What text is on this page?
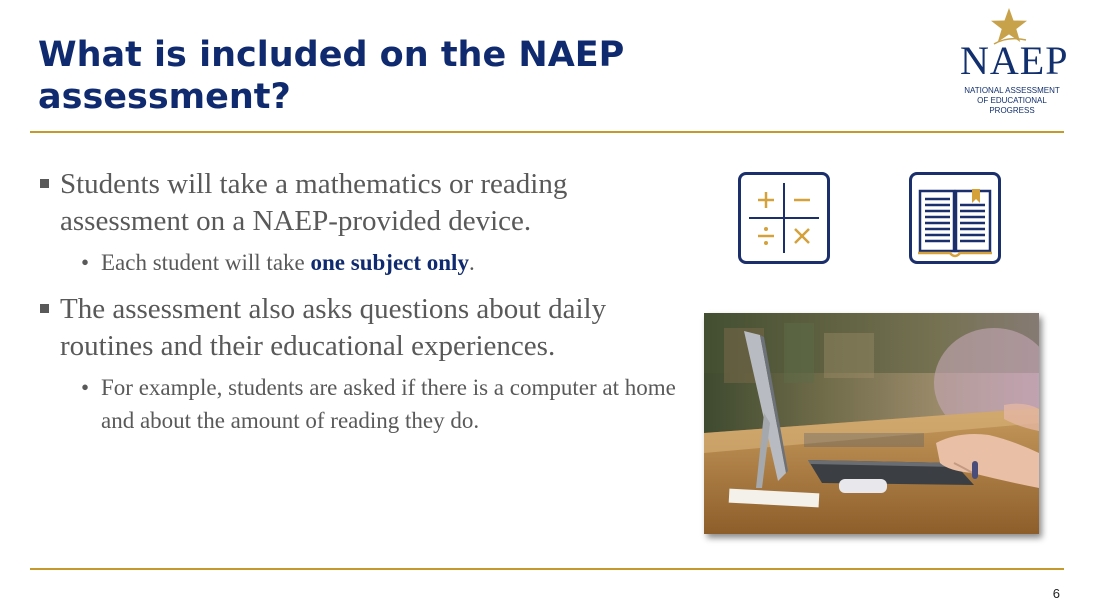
What is included on the NAEP assessment?
NAEP
NATIONAL ASSESSMENT
OF EDUCATIONAL
PROGRESS
Students will take a mathematics or reading assessment on a NAEP-provided device.
• Each student will take one subject only.
The assessment also asks questions about daily routines and their educational experiences.
• For example, students are asked if there is a computer at home and about the amount of reading they do.
6
